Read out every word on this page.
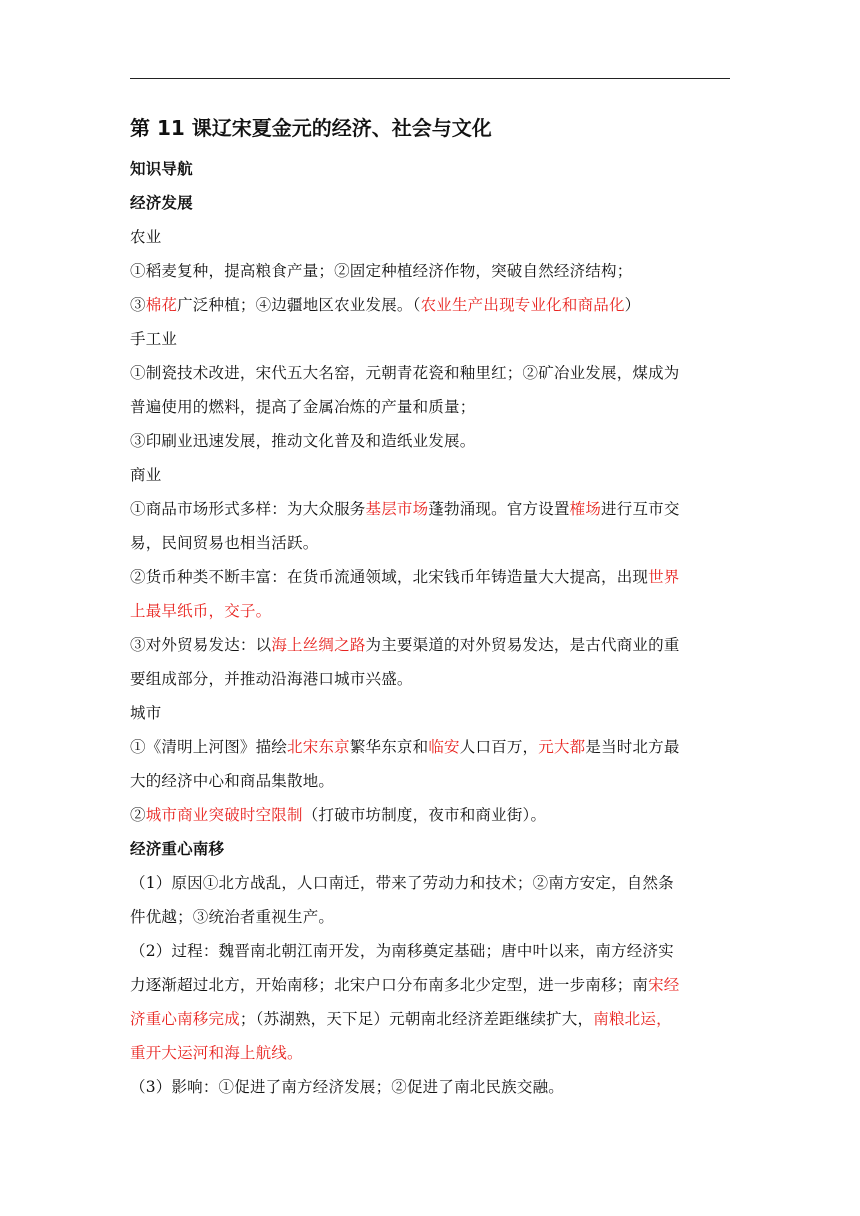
第 11 课辽宋夏金元的经济、社会与文化
知识导航
经济发展
农业
①稻麦复种，提高粮食产量；②固定种植经济作物，突破自然经济结构；
③棉花广泛种植；④边疆地区农业发展。（农业生产出现专业化和商品化）
手工业
①制瓷技术改进，宋代五大名窑，元朝青花瓷和釉里红；②矿冶业发展，煤成为
普遍使用的燃料，提高了金属冶炼的产量和质量；
③印刷业迅速发展，推动文化普及和造纸业发展。
商业
①商品市场形式多样：为大众服务基层市场蓬勃涌现。官方设置榷场进行互市交
易，民间贸易也相当活跃。
②货币种类不断丰富：在货币流通领域，北宋钱币年铸造量大大提高，出现世界
上最早纸币，交子。
③对外贸易发达：以海上丝绸之路为主要渠道的对外贸易发达，是古代商业的重
要组成部分，并推动沿海港口城市兴盛。
城市
①《清明上河图》描绘北宋东京繁华东京和临安人口百万，元大都是当时北方最
大的经济中心和商品集散地。
②城市商业突破时空限制（打破市坊制度，夜市和商业街）。
经济重心南移
（1）原因①北方战乱，人口南迁，带来了劳动力和技术；②南方安定，自然条
件优越；③统治者重视生产。
（2）过程：魏晋南北朝江南开发，为南移奠定基础；唐中叶以来，南方经济实
力逐渐超过北方，开始南移；北宋户口分布南多北少定型，进一步南移；南宋经
济重心南移完成；（苏湖熟，天下足）元朝南北经济差距继续扩大，南粮北运，
重开大运河和海上航线。
（3）影响：①促进了南方经济发展；②促进了南北民族交融。
